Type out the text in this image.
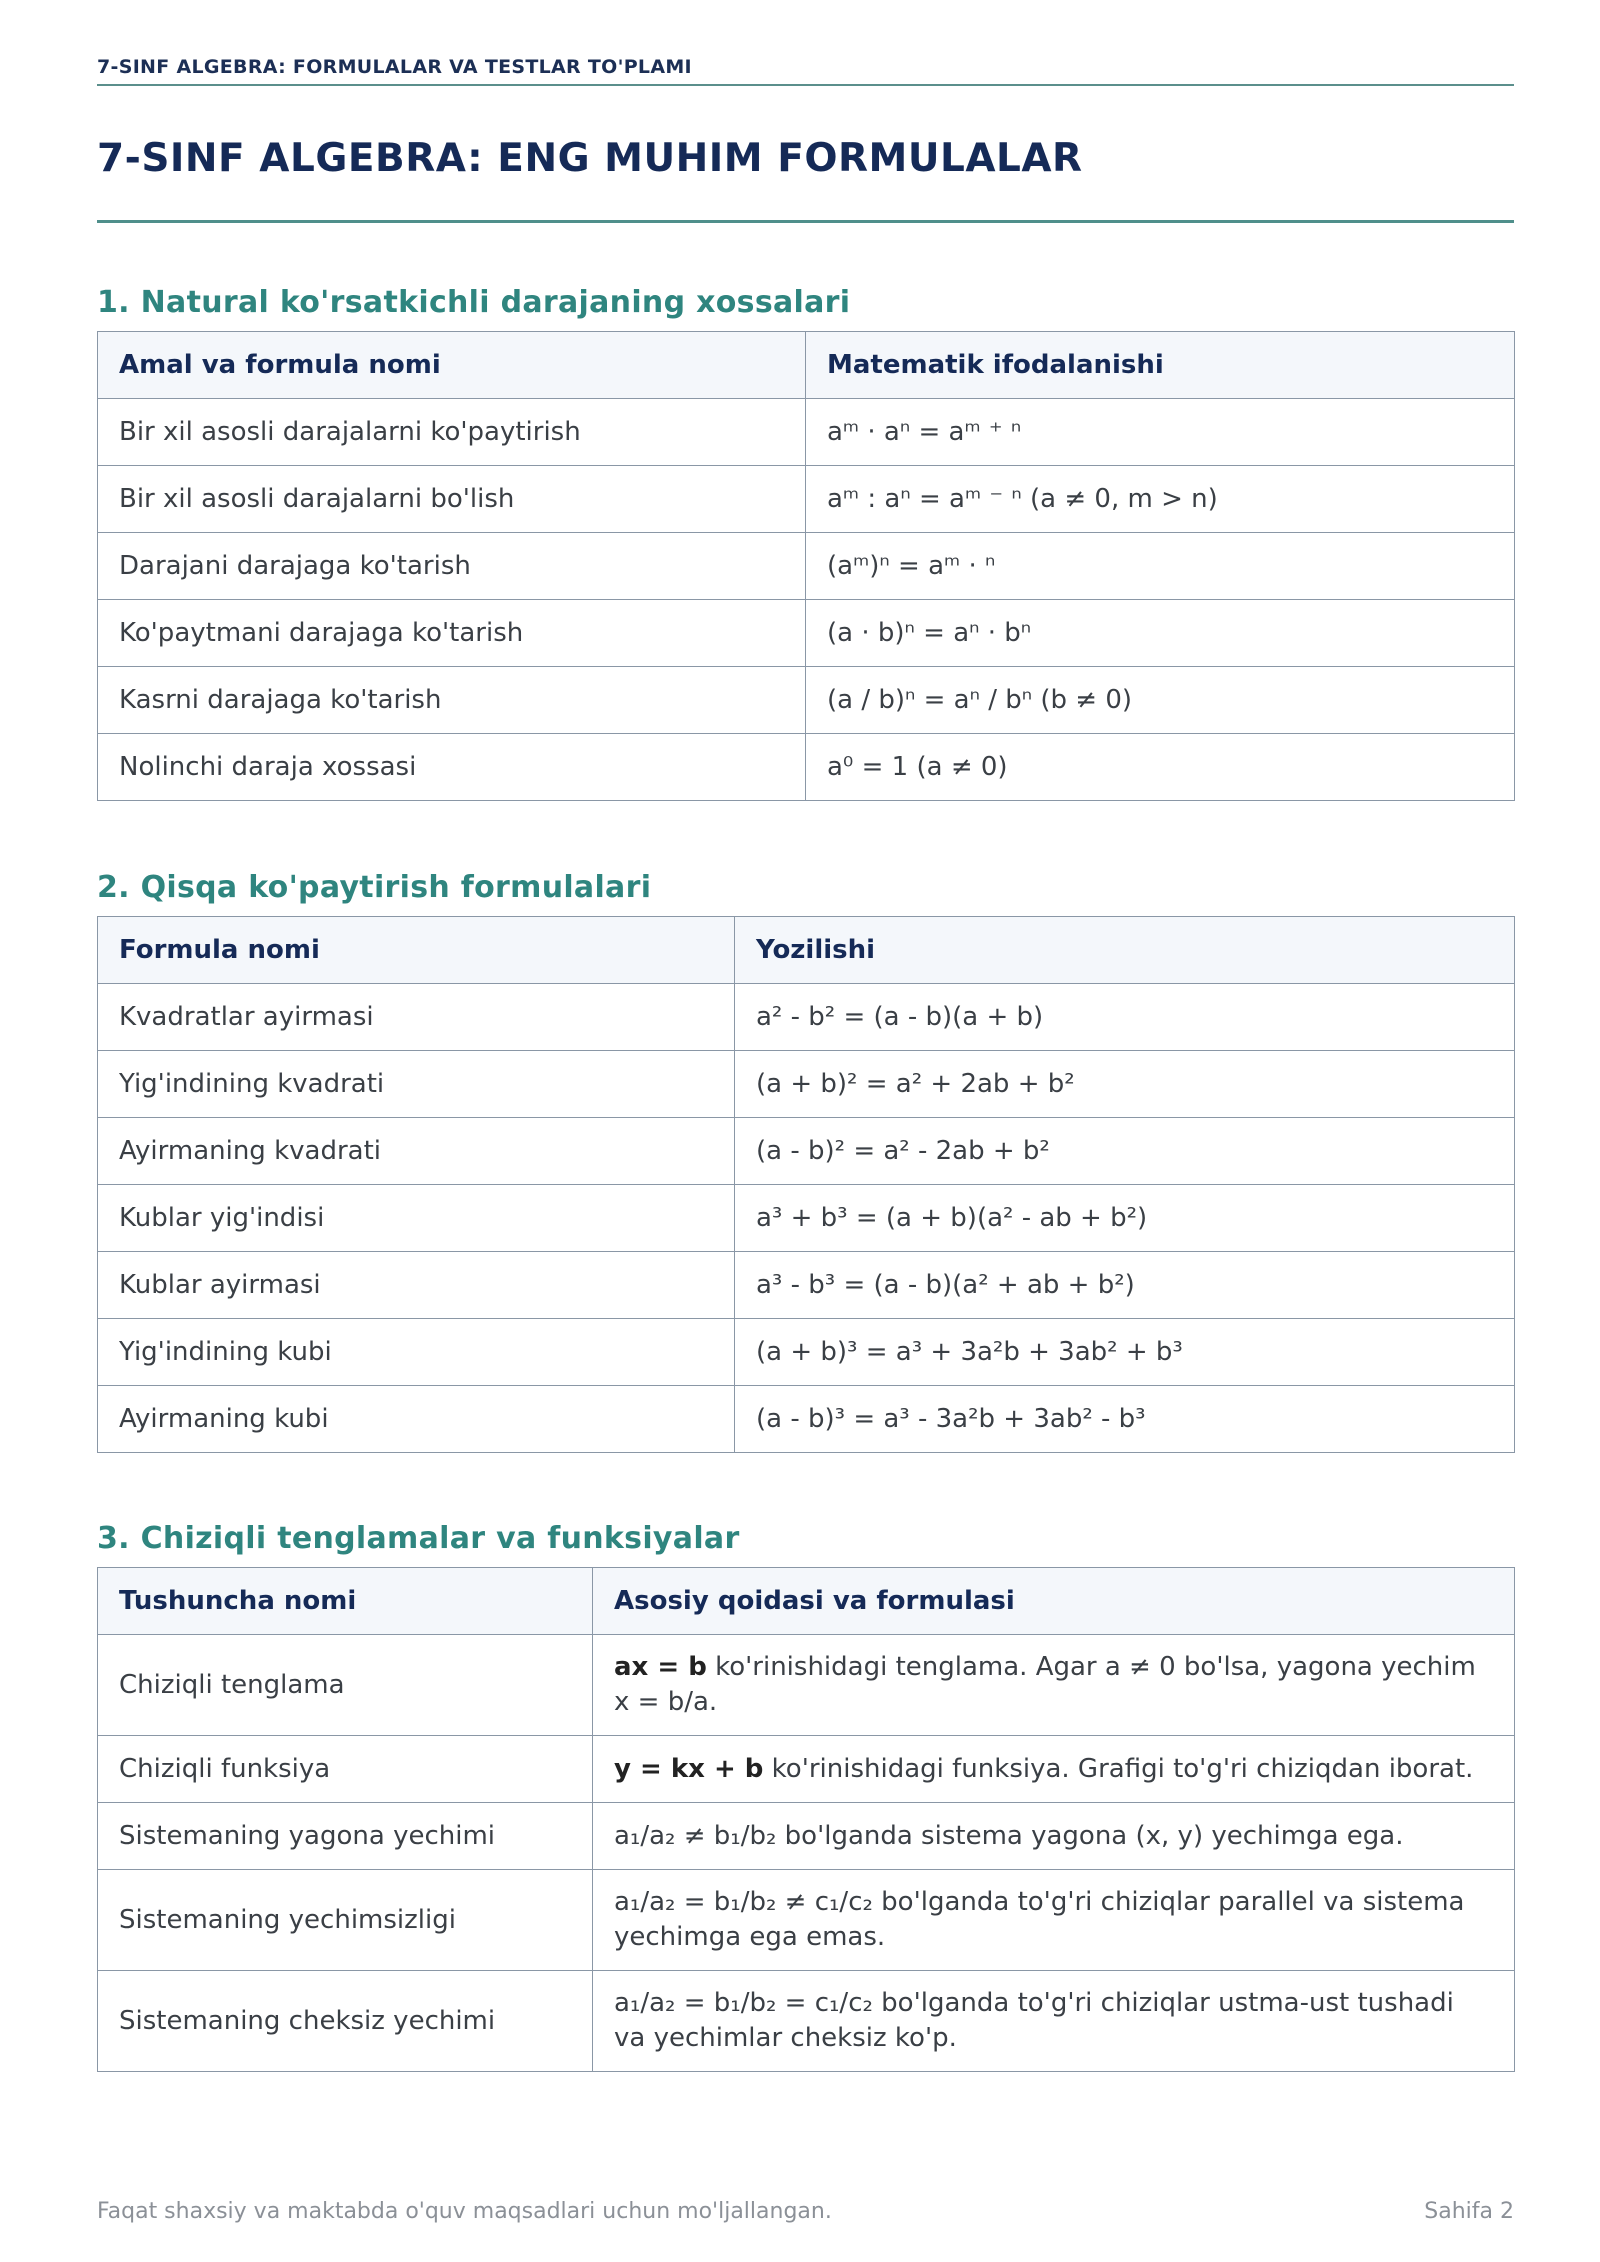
7-SINF ALGEBRA: FORMULALAR VA TESTLAR TO'PLAMI
7-SINF ALGEBRA: ENG MUHIM FORMULALAR
1. Natural ko'rsatkichli darajaning xossalari
Amal va formula nomi	Matematik ifodalanishi
Bir xil asosli darajalarni ko'paytirish	aᵐ · aⁿ = aᵐ ⁺ ⁿ
Bir xil asosli darajalarni bo'lish	aᵐ : aⁿ = aᵐ ⁻ ⁿ (a ≠ 0, m > n)
Darajani darajaga ko'tarish	(aᵐ)ⁿ = aᵐ · ⁿ
Ko'paytmani darajaga ko'tarish	(a · b)ⁿ = aⁿ · bⁿ
Kasrni darajaga ko'tarish	(a / b)ⁿ = aⁿ / bⁿ (b ≠ 0)
Nolinchi daraja xossasi	a⁰ = 1 (a ≠ 0)
2. Qisqa ko'paytirish formulalari
Formula nomi	Yozilishi
Kvadratlar ayirmasi	a² - b² = (a - b)(a + b)
Yig'indining kvadrati	(a + b)² = a² + 2ab + b²
Ayirmaning kvadrati	(a - b)² = a² - 2ab + b²
Kublar yig'indisi	a³ + b³ = (a + b)(a² - ab + b²)
Kublar ayirmasi	a³ - b³ = (a - b)(a² + ab + b²)
Yig'indining kubi	(a + b)³ = a³ + 3a²b + 3ab² + b³
Ayirmaning kubi	(a - b)³ = a³ - 3a²b + 3ab² - b³
3. Chiziqli tenglamalar va funksiyalar
Tushuncha nomi	Asosiy qoidasi va formulasi
Chiziqli tenglama	ax = b ko'rinishidagi tenglama. Agar a ≠ 0 bo'lsa, yagona yechim x = b/a.
Chiziqli funksiya	y = kx + b ko'rinishidagi funksiya. Grafigi to'g'ri chiziqdan iborat.
Sistemaning yagona yechimi	a₁/a₂ ≠ b₁/b₂ bo'lganda sistema yagona (x, y) yechimga ega.
Sistemaning yechimsizligi	a₁/a₂ = b₁/b₂ ≠ c₁/c₂ bo'lganda to'g'ri chiziqlar parallel va sistema yechimga ega emas.
Sistemaning cheksiz yechimi	a₁/a₂ = b₁/b₂ = c₁/c₂ bo'lganda to'g'ri chiziqlar ustma-ust tushadi va yechimlar cheksiz ko'p.
Faqat shaxsiy va maktabda o'quv maqsadlari uchun mo'ljallangan.	Sahifa 2
